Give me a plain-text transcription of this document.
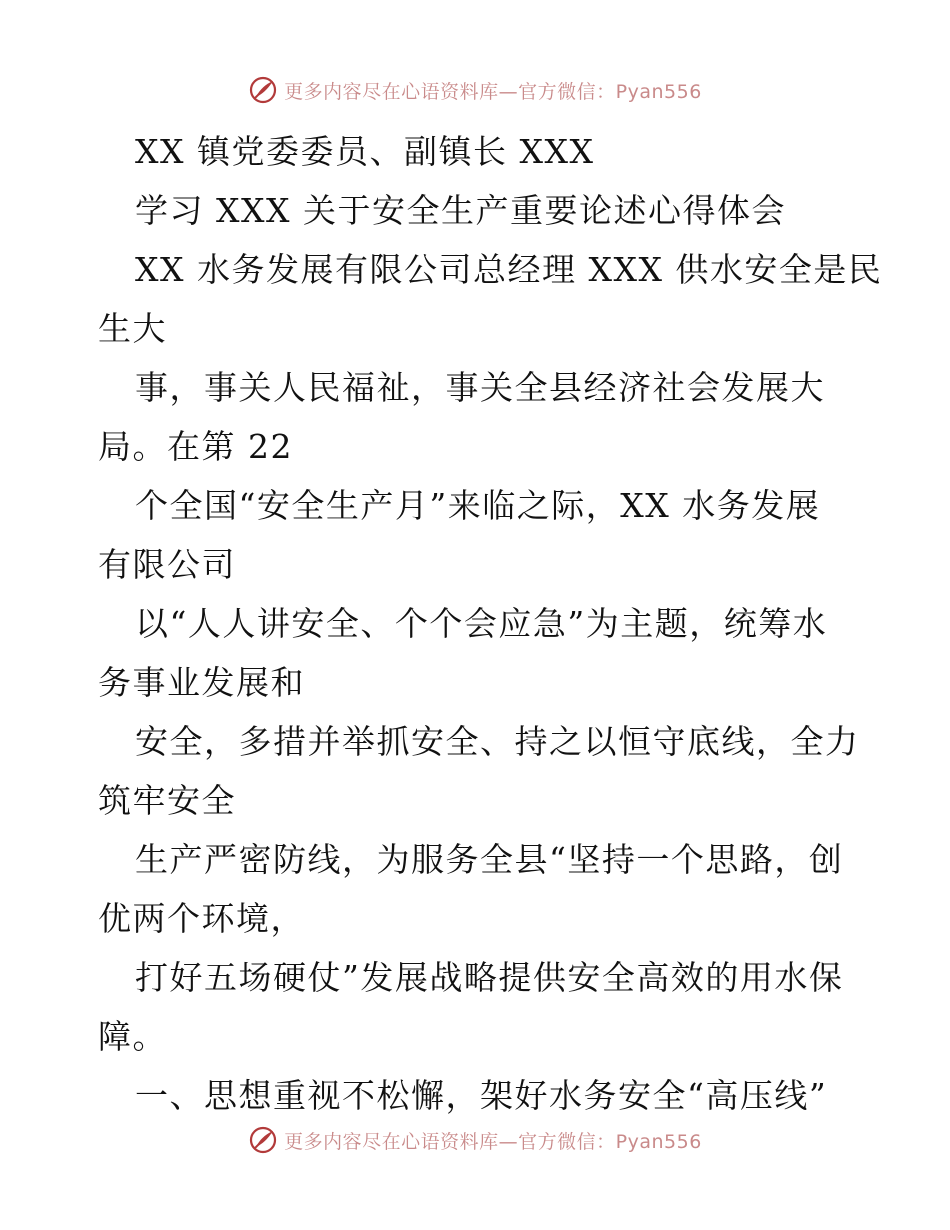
更多内容尽在心语资料库—官方微信：Pyan556
XX 镇党委委员、副镇长 XXX
学习 XXX 关于安全生产重要论述心得体会
XX 水务发展有限公司总经理 XXX 供水安全是民
生大
事，事关人民福祉，事关全县经济社会发展大
局。在第 22
个全国“安全生产月”来临之际，XX 水务发展
有限公司
以“人人讲安全、个个会应急”为主题，统筹水
务事业发展和
安全，多措并举抓安全、持之以恒守底线，全力
筑牢安全
生产严密防线，为服务全县“坚持一个思路，创
优两个环境，
打好五场硬仗”发展战略提供安全高效的用水保
障。
一、思想重视不松懈，架好水务安全“高压线”
更多内容尽在心语资料库—官方微信：Pyan556
